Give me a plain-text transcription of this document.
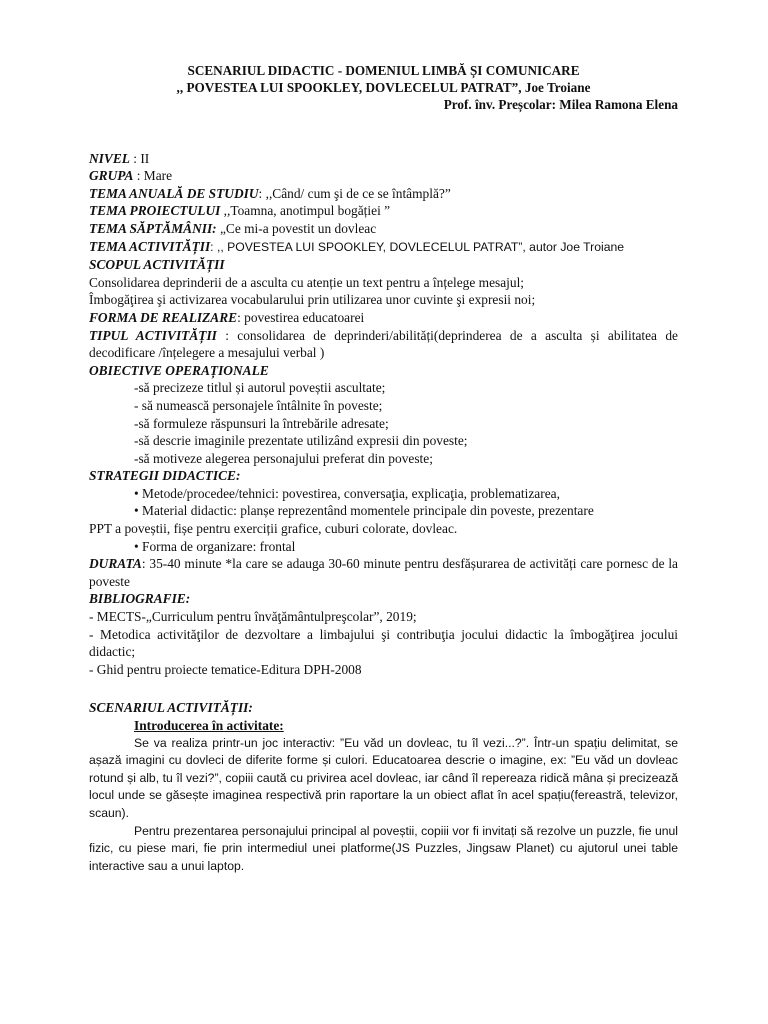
SCENARIUL DIDACTIC - DOMENIUL LIMBĂ ȘI COMUNICARE

,, POVESTEA LUI SPOOKLEY, DOVLECELUL PATRAT”, Joe Troiane

Prof. înv. Preșcolar: Milea Ramona Elena

NIVEL : II

GRUPA : Mare

TEMA ANUALĂ DE STUDIU: ,,Când/ cum şi de ce se întâmplă?”

TEMA PROIECTULUI ,,Toamna, anotimpul bogăției ”

TEMA SĂPTĂMÂNII: „Ce mi-a povestit un dovleac

TEMA ACTIVITĂȚII: ,, POVESTEA LUI SPOOKLEY, DOVLECELUL PATRAT”, autor Joe Troiane

SCOPUL ACTIVITĂȚII

Consolidarea deprinderii de a asculta cu atenție un text pentru a înțelege mesajul;

Îmbogăţirea şi activizarea vocabularului prin utilizarea unor cuvinte şi expresii noi;

FORMA DE REALIZARE: povestirea educatoarei

TIPUL ACTIVITĂȚII : consolidarea de deprinderi/abilități(deprinderea de a asculta și abilitatea de decodificare /înțelegere a mesajului verbal )

OBIECTIVE OPERAȚIONALE

-să precizeze titlul și autorul poveștii ascultate;

- să numească personajele întâlnite în poveste;

-să formuleze răspunsuri la întrebările adresate;

-să descrie imaginile prezentate utilizând expresii din poveste;

-să motiveze alegerea personajului preferat din poveste;

STRATEGII DIDACTICE:

• Metode/procedee/tehnici: povestirea, conversaţia, explicaţia, problematizarea,

• Material didactic: planșe reprezentând momentele principale din poveste, prezentare

PPT a poveștii, fișe pentru exerciții grafice, cuburi colorate, dovleac.

• Forma de organizare: frontal

DURATA: 35-40 minute *la care se adauga 30-60 minute pentru desfășurarea de activități care pornesc de la poveste

BIBLIOGRAFIE:

- MECTS-„Curriculum pentru învăţământulpreşcolar”, 2019;

- Metodica activităţilor de dezvoltare a limbajului şi contribuţia jocului didactic la îmbogăţirea jocului didactic;

- Ghid pentru proiecte tematice-Editura DPH-2008

SCENARIUL ACTIVITĂȚII:

Introducerea în activitate:

Se va realiza printr-un joc interactiv: ”Eu văd un dovleac, tu îl vezi...?”. Într-un spațiu delimitat, se așază imagini cu dovleci de diferite forme și culori. Educatoarea descrie o imagine, ex: ”Eu văd un dovleac rotund și alb, tu îl vezi?”, copiii caută cu privirea acel dovleac, iar când îl repereaza ridică mâna și precizează locul unde se găsește imaginea respectivă prin raportare la un obiect aflat în acel spațiu(fereastră, televizor, scaun).

Pentru prezentarea personajului principal al poveștii, copiii vor fi invitați să rezolve un puzzle, fie unul fizic, cu piese mari, fie prin intermediul unei platforme(JS Puzzles, Jingsaw Planet) cu ajutorul unei table interactive sau a unui laptop.
